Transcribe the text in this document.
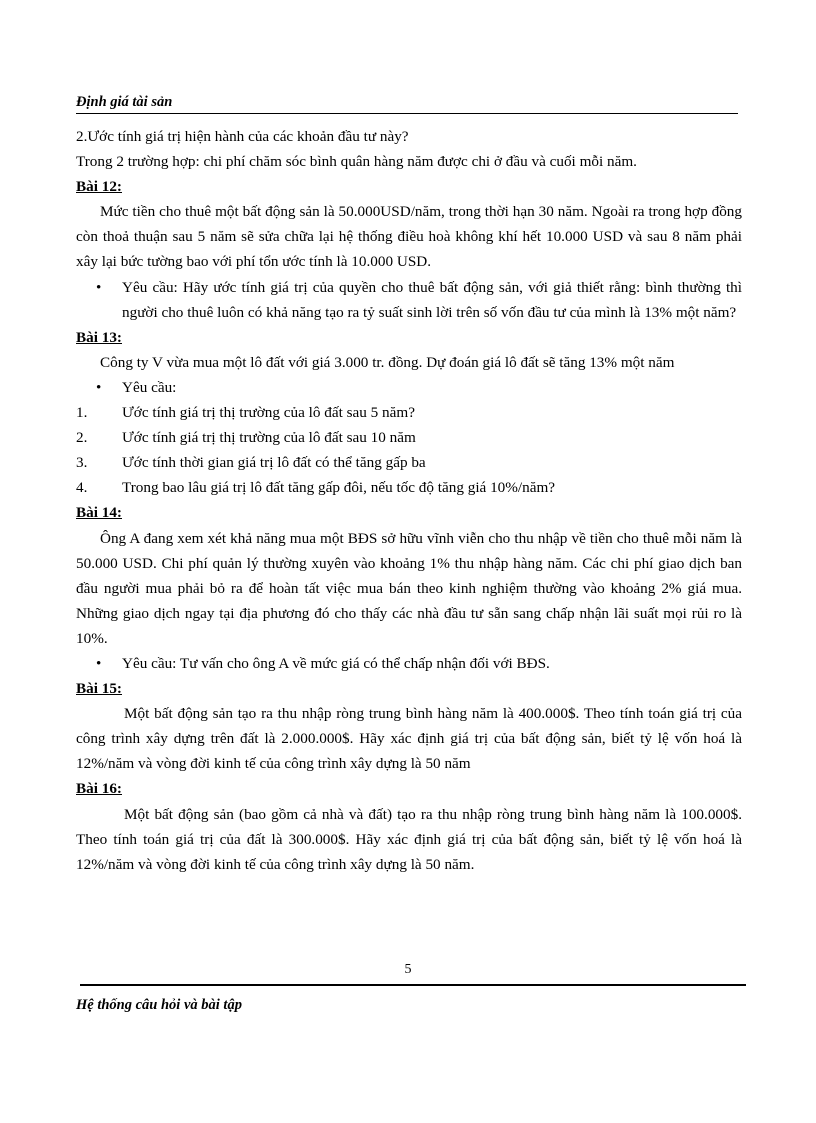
Định giá tài sản

2.Ước tính giá trị hiện hành của các khoản đầu tư này?

Trong 2 trường hợp: chi phí chăm sóc bình quân hàng năm được chi ở đầu và cuối mỗi năm.

Bài 12:

Mức tiền cho thuê một bất động sản là 50.000USD/năm, trong thời hạn 30 năm. Ngoài ra trong hợp đồng còn thoả thuận sau 5 năm sẽ sửa chữa lại hệ thống điều hoà không khí hết 10.000 USD và sau 8 năm phải xây lại bức tường bao với phí tổn ước tính là 10.000 USD.

• Yêu cầu: Hãy ước tính giá trị của quyền cho thuê bất động sản, với giả thiết rằng: bình thường thì người cho thuê luôn có khả năng tạo ra tỷ suất sinh lời trên số vốn đầu tư của mình là 13% một năm?

Bài 13:

Công ty V vừa mua một lô đất với giá 3.000 tr. đồng. Dự đoán giá lô đất sẽ tăng 13% một năm

• Yêu cầu:
1. Ước tính giá trị thị trường của lô đất sau 5 năm?
2. Ước tính giá trị thị trường của lô đất sau 10 năm
3. Ước tính thời gian giá trị lô đất có thể tăng gấp ba
4. Trong bao lâu giá trị lô đất tăng gấp đôi, nếu tốc độ tăng giá 10%/năm?

Bài 14:

Ông A đang xem xét khả năng mua một BĐS sở hữu vĩnh viễn cho thu nhập về tiền cho thuê mỗi năm là 50.000 USD. Chi phí quản lý thường xuyên vào khoảng 1% thu nhập hàng năm. Các chi phí giao dịch ban đầu người mua phải bỏ ra để hoàn tất việc mua bán theo kinh nghiệm thường vào khoảng 2% giá mua. Những giao dịch ngay tại địa phương đó cho thấy các nhà đầu tư sẵn sang chấp nhận lãi suất mọi rủi ro là 10%.

• Yêu cầu: Tư vấn cho ông A về mức giá có thể chấp nhận đối với BĐS.

Bài 15:

Một bất động sản tạo ra thu nhập ròng trung bình hàng năm là 400.000$. Theo tính toán giá trị của công trình xây dựng trên đất là 2.000.000$. Hãy xác định giá trị của bất động sản, biết tỷ lệ vốn hoá là 12%/năm và vòng đời kinh tế của công trình xây dựng là 50 năm

Bài 16:

Một bất động sản (bao gồm cả nhà và đất) tạo ra thu nhập ròng trung bình hàng năm là 100.000$. Theo tính toán giá trị của đất là 300.000$. Hãy xác định giá trị của bất động sản, biết tỷ lệ vốn hoá là 12%/năm và vòng đời kinh tế của công trình xây dựng là 50 năm.

5
Hệ thống câu hỏi và bài tập
